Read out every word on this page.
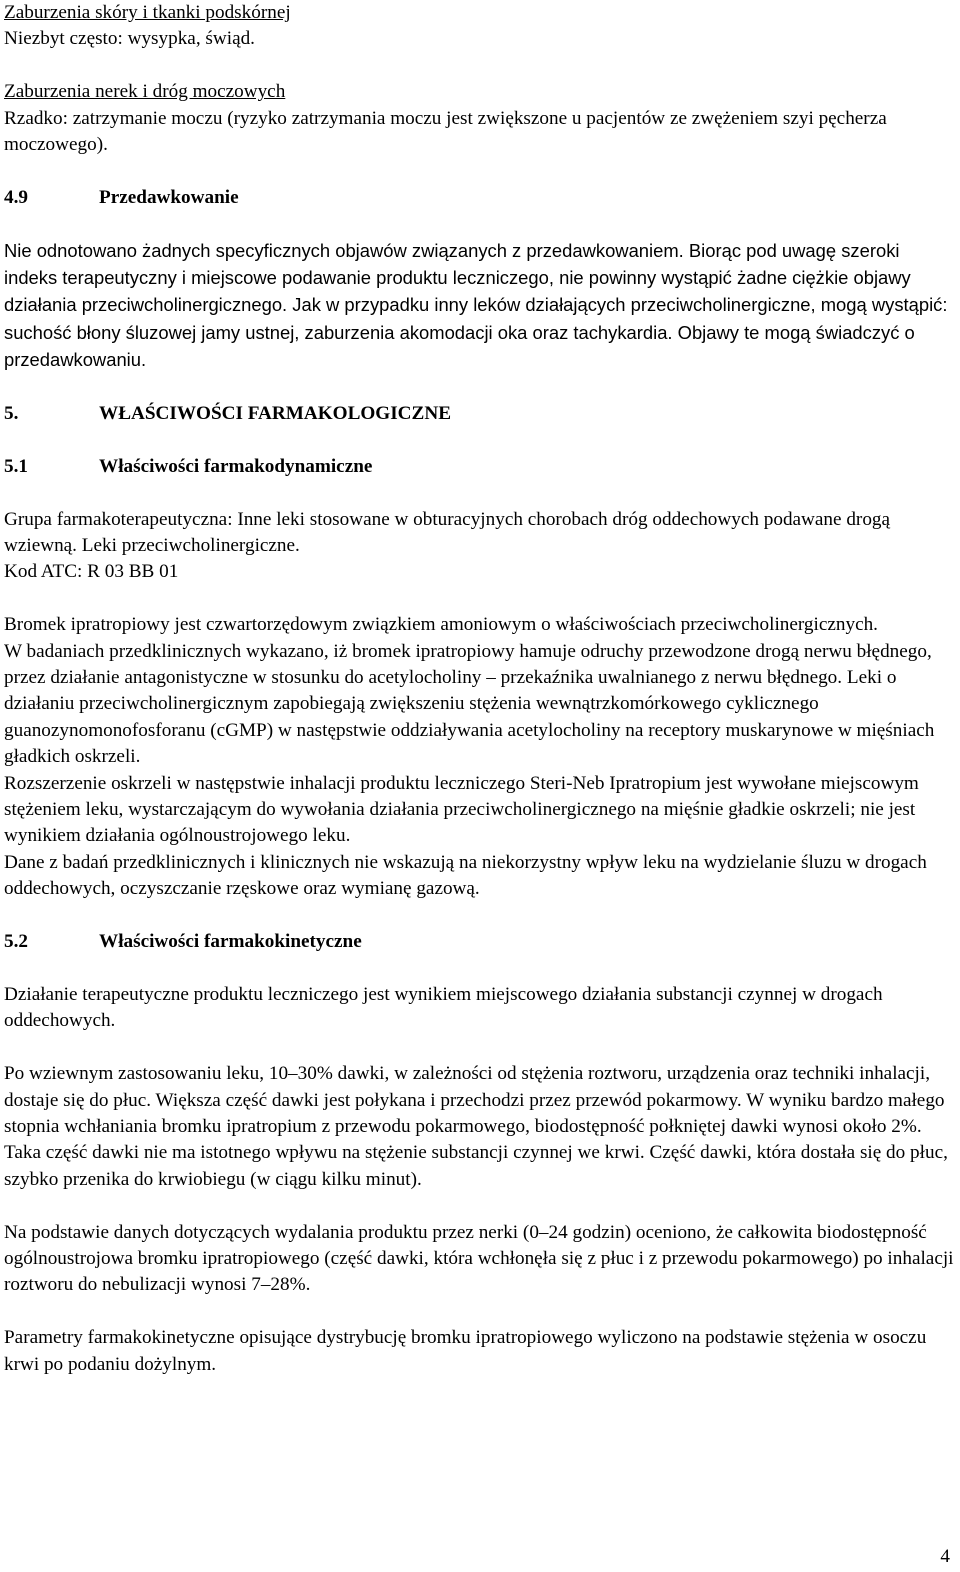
Zaburzenia skóry i tkanki podskórnej

Niezbyt często: wysypka, świąd.

Zaburzenia nerek i dróg moczowych

Rzadko: zatrzymanie moczu (ryzyko zatrzymania moczu jest zwiększone u pacjentów ze zwężeniem szyi pęcherza moczowego).

4.9	Przedawkowanie

Nie odnotowano żadnych specyficznych objawów związanych z przedawkowaniem. Biorąc pod uwagę szeroki indeks terapeutyczny i miejscowe podawanie produktu leczniczego, nie powinny wystąpić żadne ciężkie objawy działania przeciwcholinergicznego. Jak w przypadku inny leków działających przeciwcholinergiczne, mogą wystąpić: suchość błony śluzowej jamy ustnej, zaburzenia akomodacji oka oraz tachykardia. Objawy te mogą świadczyć o przedawkowaniu.

5.	WŁAŚCIWOŚCI FARMAKOLOGICZNE

5.1	Właściwości farmakodynamiczne

Grupa farmakoterapeutyczna: Inne leki stosowane w obturacyjnych chorobach dróg oddechowych podawane drogą wziewną. Leki przeciwcholinergiczne.

Kod ATC: R 03 BB 01

Bromek ipratropiowy jest czwartorzędowym związkiem amoniowym o właściwościach przeciwcholinergicznych.

W badaniach przedklinicznych wykazano, iż bromek ipratropiowy hamuje odruchy przewodzone drogą nerwu błędnego, przez działanie antagonistyczne w stosunku do acetylocholiny – przekaźnika uwalnianego z nerwu błędnego. Leki o działaniu przeciwcholinergicznym zapobiegają zwiększeniu stężenia wewnątrzkomórkowego cyklicznego guanozynomonofosforanu (cGMP) w następstwie oddziaływania acetylocholiny na receptory muskarynowe w mięśniach gładkich oskrzeli.

Rozszerzenie oskrzeli w następstwie inhalacji produktu leczniczego Steri-Neb Ipratropium jest wywołane miejscowym stężeniem leku, wystarczającym do wywołania działania przeciwcholinergicznego na mięśnie gładkie oskrzeli; nie jest wynikiem działania ogólnoustrojowego leku.

Dane z badań przedklinicznych i klinicznych nie wskazują na niekorzystny wpływ leku na wydzielanie śluzu w drogach oddechowych, oczyszczanie rzęskowe oraz wymianę gazową.

5.2	Właściwości farmakokinetyczne

Działanie terapeutyczne produktu leczniczego jest wynikiem miejscowego działania substancji czynnej w drogach oddechowych.

Po wziewnym zastosowaniu leku, 10–30% dawki, w zależności od stężenia roztworu, urządzenia oraz techniki inhalacji, dostaje się do płuc. Większa część dawki jest połykana i przechodzi przez przewód pokarmowy. W wyniku bardzo małego stopnia wchłaniania bromku ipratropium z przewodu pokarmowego, biodostępność połkniętej dawki wynosi około 2%. Taka część dawki nie ma istotnego wpływu na stężenie substancji czynnej we krwi. Część dawki, która dostała się do płuc, szybko przenika do krwiobiegu (w ciągu kilku minut).

Na podstawie danych dotyczących wydalania produktu przez nerki (0–24 godzin) oceniono, że całkowita biodostępność ogólnoustrojowa bromku ipratropiowego (część dawki, która wchłonęła się z płuc i z przewodu pokarmowego) po inhalacji roztworu do nebulizacji wynosi 7–28%.

Parametry farmakokinetyczne opisujące dystrybucję bromku ipratropiowego wyliczono na podstawie stężenia w osoczu krwi po podaniu dożylnym.

4
